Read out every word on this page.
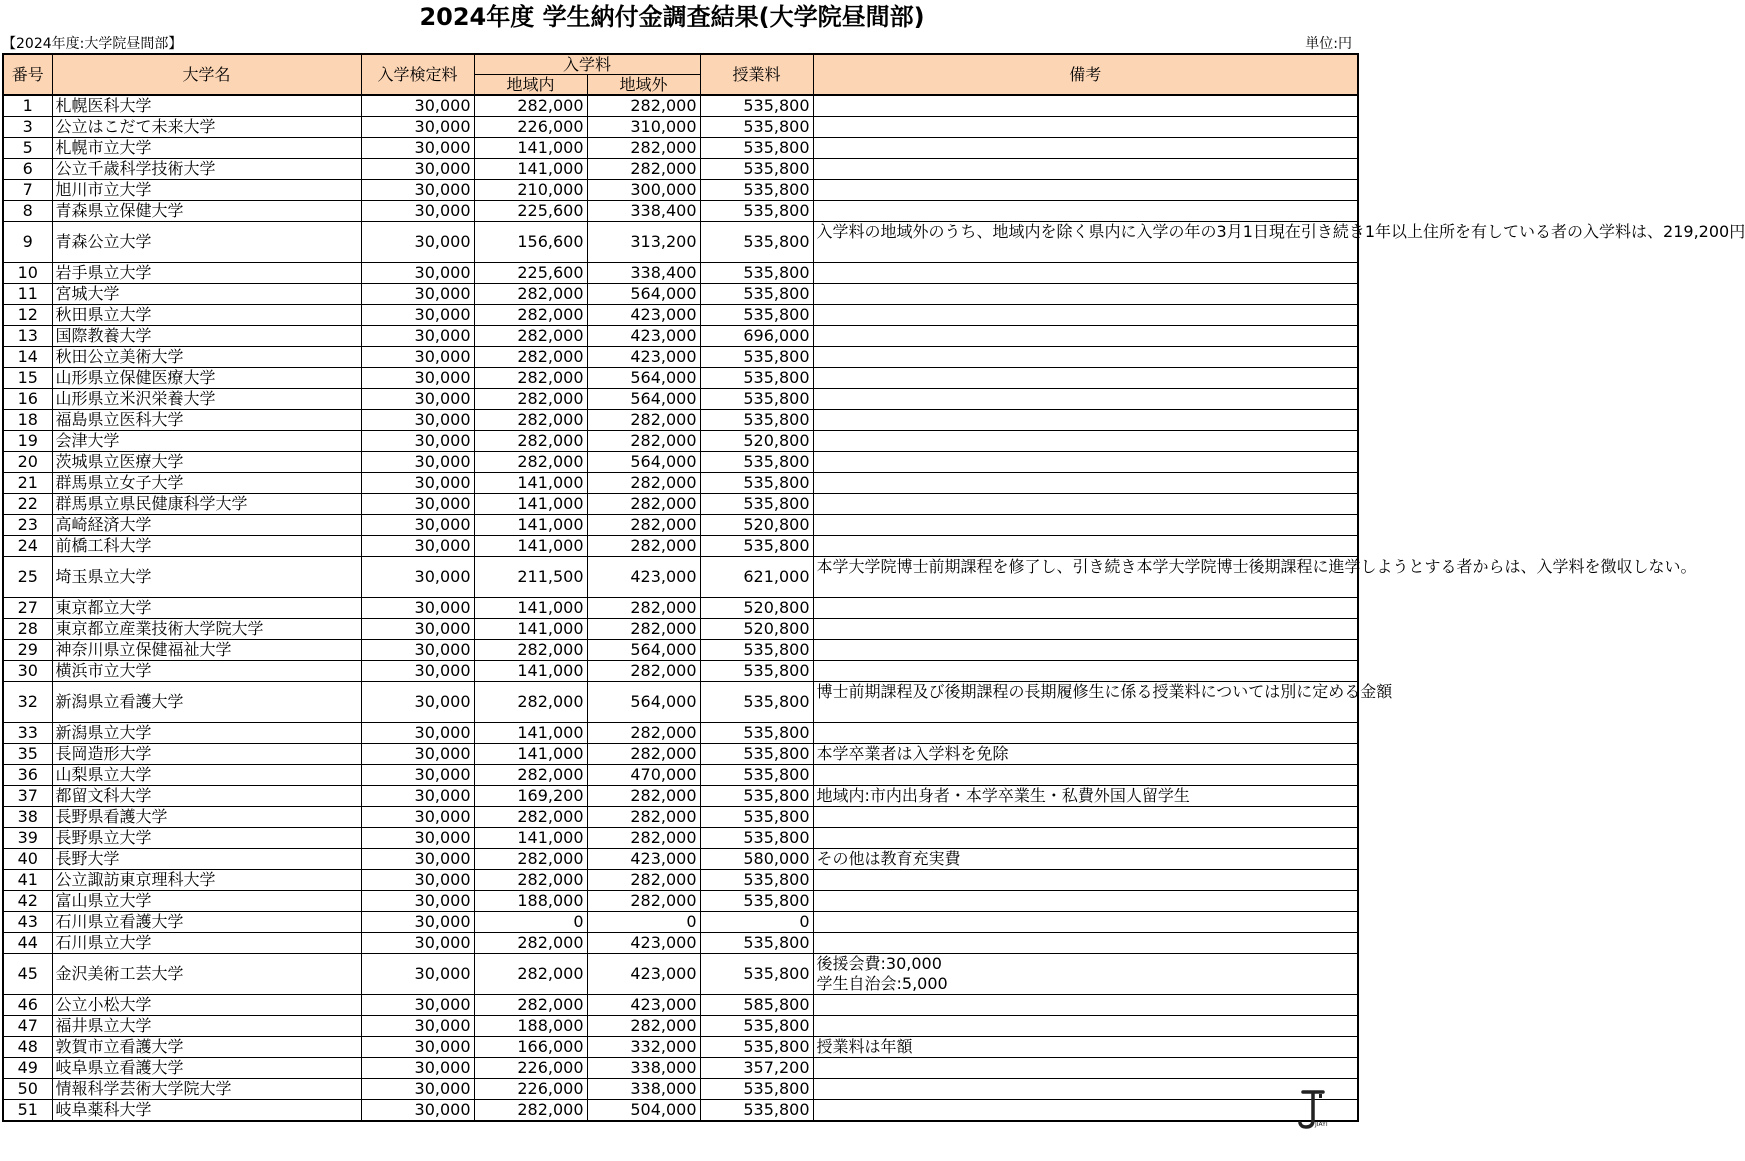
2024年度 学生納付金調査結果(大学院昼間部)
【2024年度:大学院昼間部】	単位:円
番号	大学名	入学検定料	入学料		授業料	備考
			地域内	地域外		
1	札幌医科大学	30,000	282,000	282,000	535,800	
3	公立はこだて未来大学	30,000	226,000	310,000	535,800	
5	札幌市立大学	30,000	141,000	282,000	535,800	
6	公立千歳科学技術大学	30,000	141,000	282,000	535,800	
7	旭川市立大学	30,000	210,000	300,000	535,800	
8	青森県立保健大学	30,000	225,600	338,400	535,800	
9	青森公立大学	30,000	156,600	313,200	535,800	入学料の地域外のうち、地域内を除く県内に入学の年の3月1日現在引き続き1年以上住所を有している者の入学料は、219,200円
10	岩手県立大学	30,000	225,600	338,400	535,800	
11	宮城大学	30,000	282,000	564,000	535,800	
12	秋田県立大学	30,000	282,000	423,000	535,800	
13	国際教養大学	30,000	282,000	423,000	696,000	
14	秋田公立美術大学	30,000	282,000	423,000	535,800	
15	山形県立保健医療大学	30,000	282,000	564,000	535,800	
16	山形県立米沢栄養大学	30,000	282,000	564,000	535,800	
18	福島県立医科大学	30,000	282,000	282,000	535,800	
19	会津大学	30,000	282,000	282,000	520,800	
20	茨城県立医療大学	30,000	282,000	564,000	535,800	
21	群馬県立女子大学	30,000	141,000	282,000	535,800	
22	群馬県立県民健康科学大学	30,000	141,000	282,000	535,800	
23	高崎経済大学	30,000	141,000	282,000	520,800	
24	前橋工科大学	30,000	141,000	282,000	535,800	
25	埼玉県立大学	30,000	211,500	423,000	621,000	本学大学院博士前期課程を修了し、引き続き本学大学院博士後期課程に進学しようとする者からは、入学料を徴収しない。
27	東京都立大学	30,000	141,000	282,000	520,800	
28	東京都立産業技術大学院大学	30,000	141,000	282,000	520,800	
29	神奈川県立保健福祉大学	30,000	282,000	564,000	535,800	
30	横浜市立大学	30,000	141,000	282,000	535,800	
32	新潟県立看護大学	30,000	282,000	564,000	535,800	博士前期課程及び後期課程の長期履修生に係る授業料については別に定める金額
33	新潟県立大学	30,000	141,000	282,000	535,800	
35	長岡造形大学	30,000	141,000	282,000	535,800	本学卒業者は入学料を免除
36	山梨県立大学	30,000	282,000	470,000	535,800	
37	都留文科大学	30,000	169,200	282,000	535,800	地域内:市内出身者・本学卒業生・私費外国人留学生
38	長野県看護大学	30,000	282,000	282,000	535,800	
39	長野県立大学	30,000	141,000	282,000	535,800	
40	長野大学	30,000	282,000	423,000	580,000	その他は教育充実費
41	公立諏訪東京理科大学	30,000	282,000	282,000	535,800	
42	富山県立大学	30,000	188,000	282,000	535,800	
43	石川県立看護大学	30,000	0	0	0	
44	石川県立大学	30,000	282,000	423,000	535,800	
45	金沢美術工芸大学	30,000	282,000	423,000	535,800	後援会費:30,000
学生自治会:5,000
46	公立小松大学	30,000	282,000	423,000	585,800	
47	福井県立大学	30,000	188,000	282,000	535,800	
48	敦賀市立看護大学	30,000	166,000	332,000	535,800	授業料は年額
49	岐阜県立看護大学	30,000	226,000	338,000	357,200	
50	情報科学芸術大学院大学	30,000	226,000	338,000	535,800	
51	岐阜薬科大学	30,000	282,000	504,000	535,800	
JIAYI
